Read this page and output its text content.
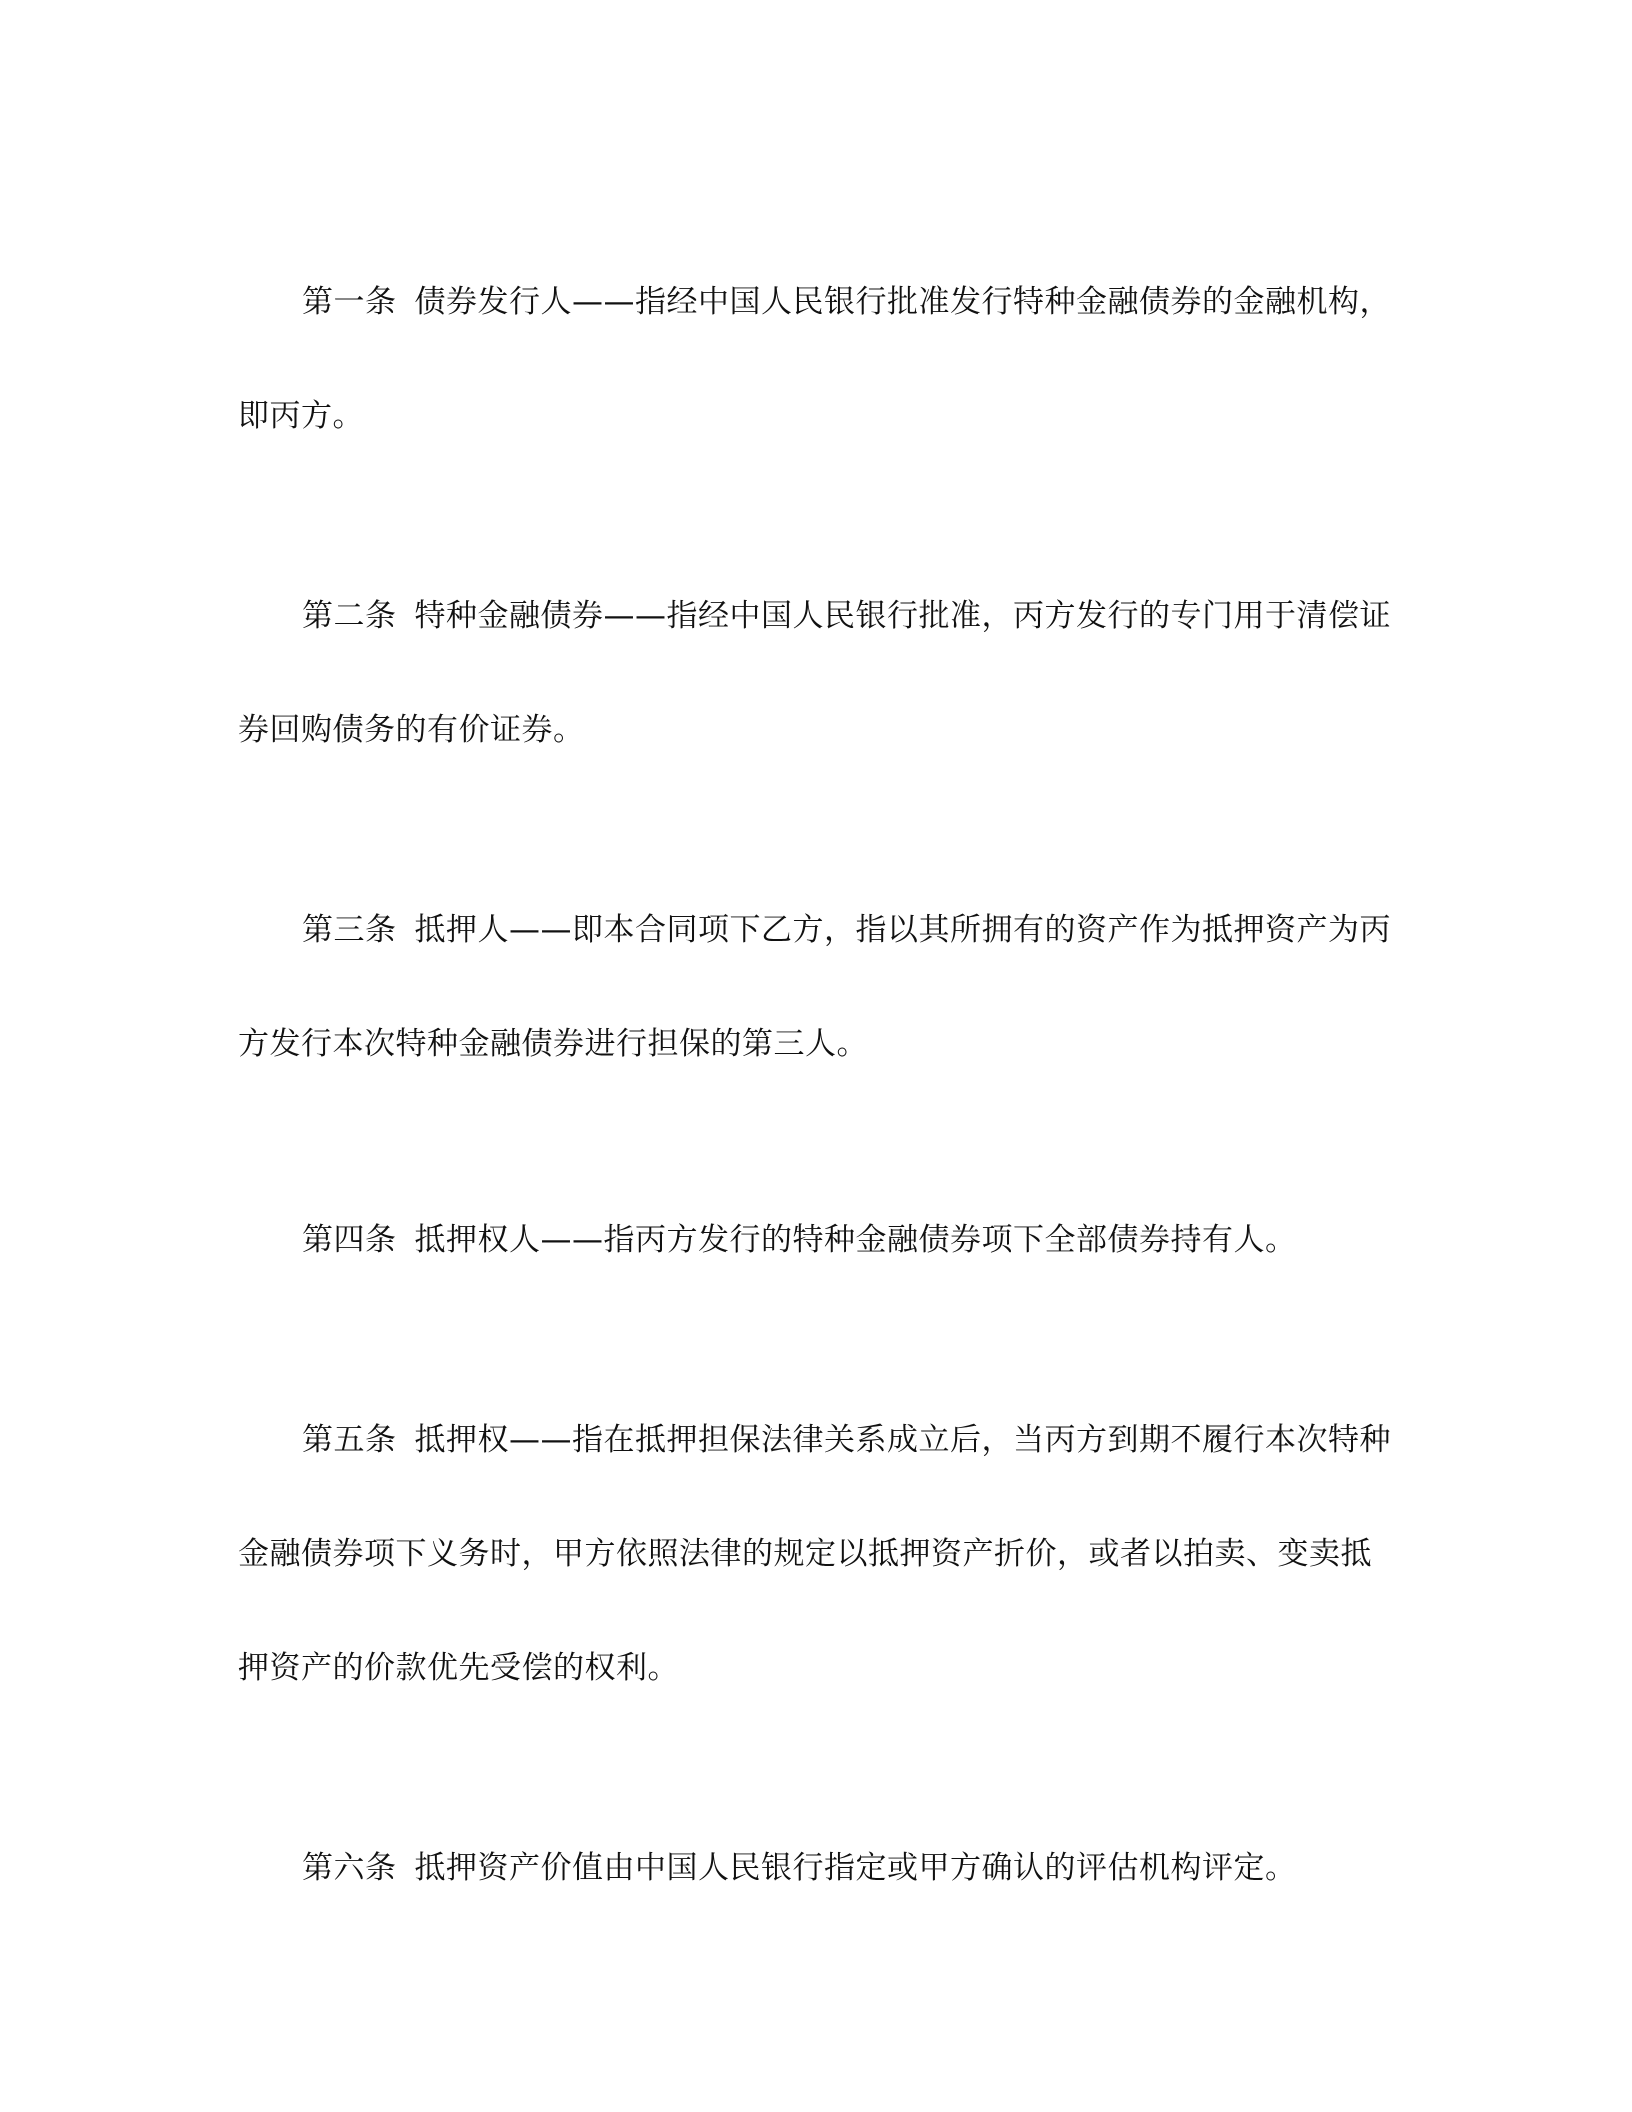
第一条 债券发行人——指经中国人民银行批准发行特种金融债券的金融机构，
即丙方。
第二条 特种金融债券——指经中国人民银行批准，丙方发行的专门用于清偿证
券回购债务的有价证券。
第三条 抵押人——即本合同项下乙方，指以其所拥有的资产作为抵押资产为丙
方发行本次特种金融债券进行担保的第三人。
第四条 抵押权人——指丙方发行的特种金融债券项下全部债券持有人。
第五条 抵押权——指在抵押担保法律关系成立后，当丙方到期不履行本次特种
金融债券项下义务时，甲方依照法律的规定以抵押资产折价，或者以拍卖、变卖抵
押资产的价款优先受偿的权利。
第六条 抵押资产价值由中国人民银行指定或甲方确认的评估机构评定。
